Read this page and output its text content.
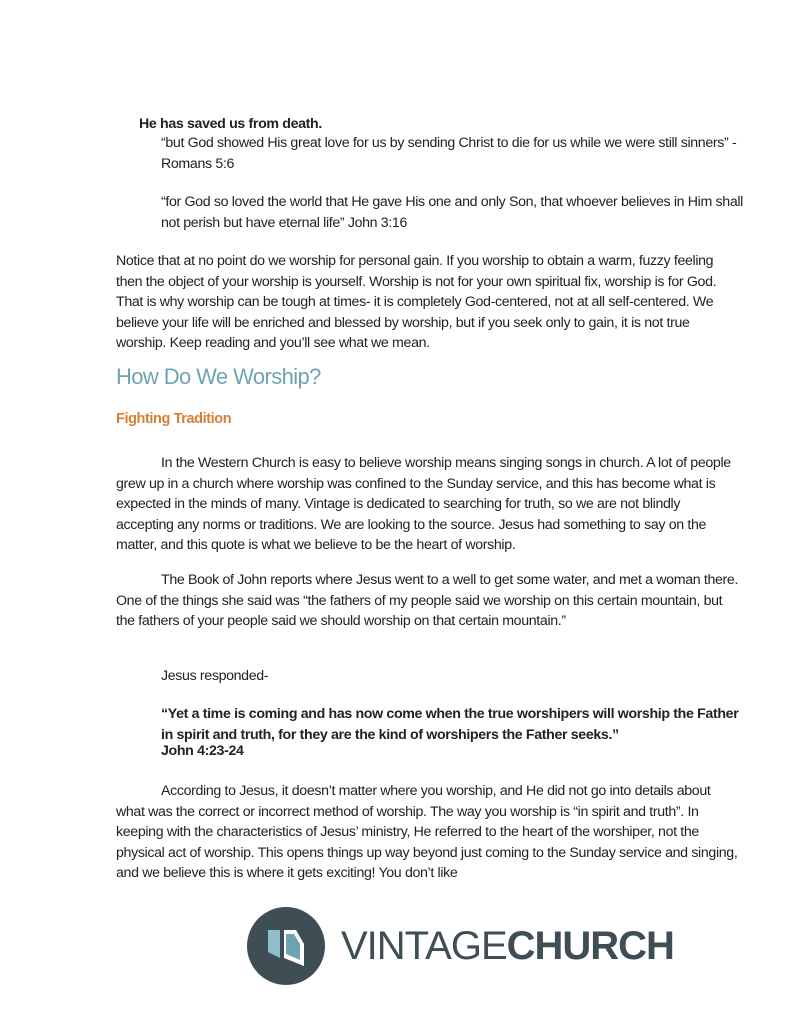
He has saved us from death.
“but God showed His great love for us by sending Christ to die for us while we were still sinners” - Romans 5:6
“for God so loved the world that He gave His one and only Son, that whoever believes in Him shall not perish but have eternal life” John 3:16
Notice that at no point do we worship for personal gain. If you worship to obtain a warm, fuzzy feeling then the object of your worship is yourself. Worship is not for your own spiritual fix, worship is for God. That is why worship can be tough at times- it is completely God-centered, not at all self-centered. We believe your life will be enriched and blessed by worship, but if you seek only to gain, it is not true worship. Keep reading and you’ll see what we mean.
How Do We Worship?
Fighting Tradition
In the Western Church is easy to believe worship means singing songs in church. A lot of people grew up in a church where worship was confined to the Sunday service, and this has become what is expected in the minds of many. Vintage is dedicated to searching for truth, so we are not blindly accepting any norms or traditions. We are looking to the source. Jesus had something to say on the matter, and this quote is what we believe to be the heart of worship.
The Book of John reports where Jesus went to a well to get some water, and met a woman there. One of the things she said was “the fathers of my people said we worship on this certain mountain, but the fathers of your people said we should worship on that certain mountain.”
Jesus responded-
“Yet a time is coming and has now come when the true worshipers will worship the Father in spirit and truth, for they are the kind of worshipers the Father seeks.”
John 4:23-24
According to Jesus, it doesn’t matter where you worship, and He did not go into details about what was the correct or incorrect method of worship. The way you worship is “in spirit and truth”. In keeping with the characteristics of Jesus’ ministry, He referred to the heart of the worshiper, not the physical act of worship. This opens things up way beyond just coming to the Sunday service and singing, and we believe this is where it gets exciting! You don’t like
VINTAGECHURCH
